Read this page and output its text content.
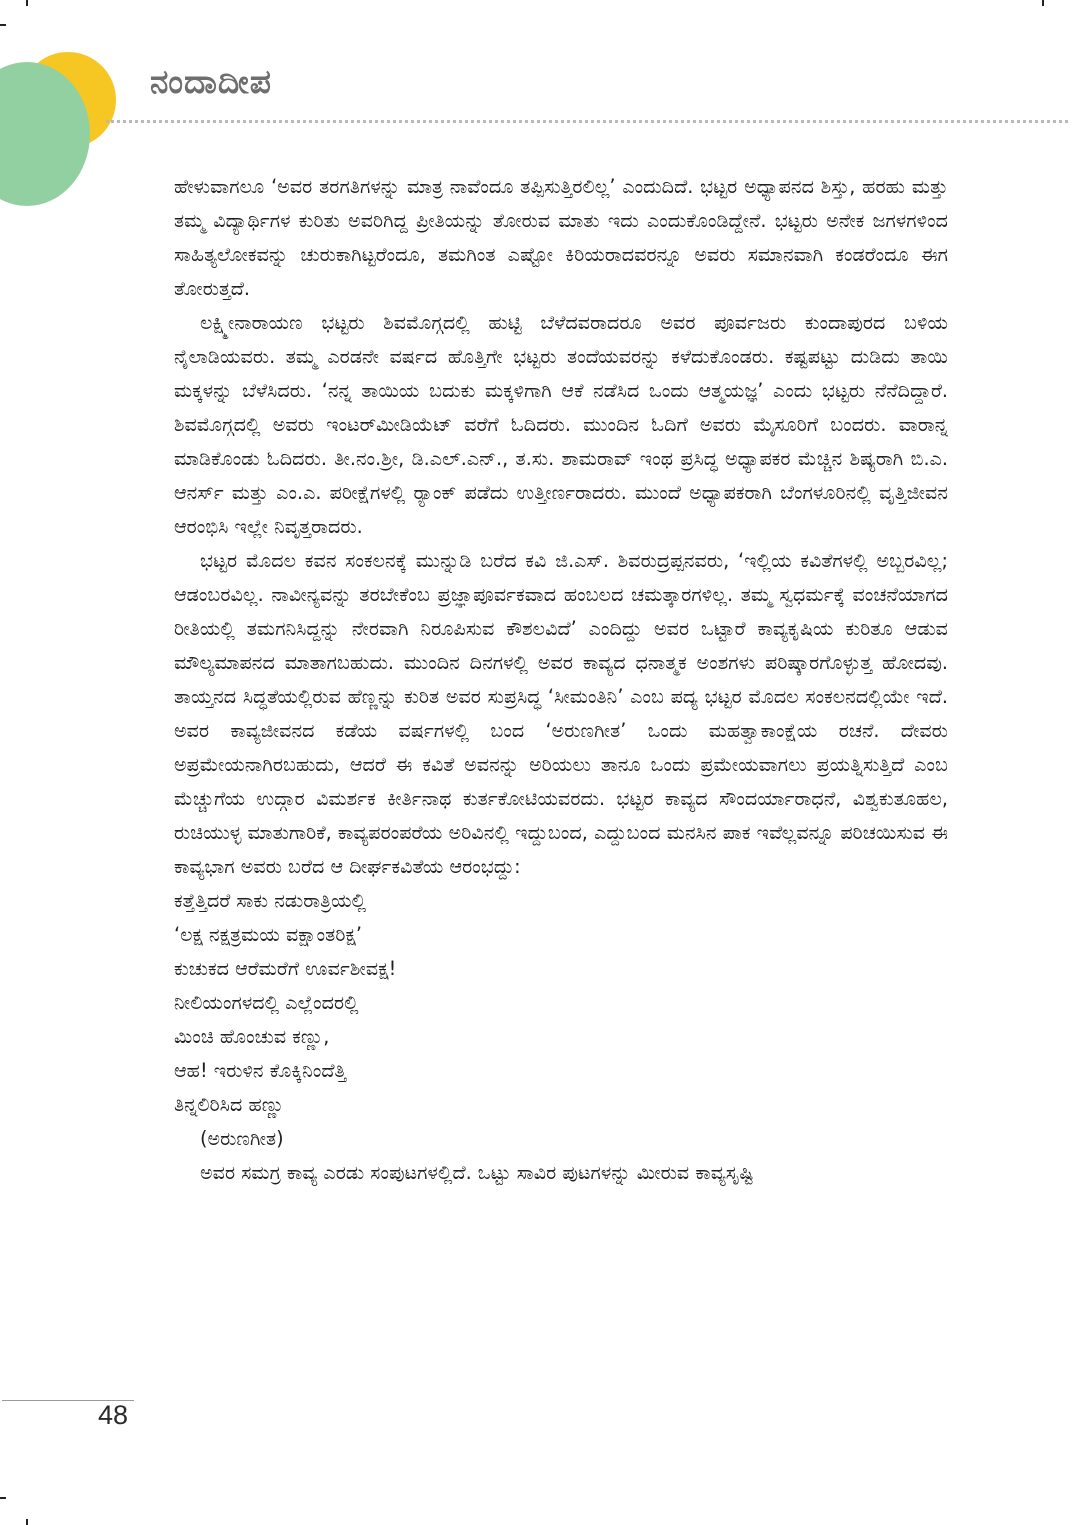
ನಂದಾದೀಪ

ಹೇಳುವಾಗಲೂ ‘ಅವರ ತರಗತಿಗಳನ್ನು ಮಾತ್ರ ನಾವೆಂದೂ ತಪ್ಪಿಸುತ್ತಿರಲಿಲ್ಲ’ ಎಂದುದಿದೆ. ಭಟ್ಟರ ಅಧ್ಯಾಪನದ ಶಿಸ್ತು, ಹರಹು ಮತ್ತು ತಮ್ಮ ವಿದ್ಯಾರ್ಥಿಗಳ ಕುರಿತು ಅವರಿಗಿದ್ದ ಪ್ರೀತಿಯನ್ನು ತೋರುವ ಮಾತು ಇದು ಎಂದುಕೊಂಡಿದ್ದೇನೆ. ಭಟ್ಟರು ಅನೇಕ ಜಗಳಗಳಿಂದ ಸಾಹಿತ್ಯಲೋಕವನ್ನು ಚುರುಕಾಗಿಟ್ಟರೆಂದೂ, ತಮಗಿಂತ ಎಷ್ಟೋ ಕಿರಿಯರಾದವರನ್ನೂ ಅವರು ಸಮಾನವಾಗಿ ಕಂಡರೆಂದೂ ಈಗ ತೋರುತ್ತದೆ.

ಲಕ್ಷ್ಮೀನಾರಾಯಣ ಭಟ್ಟರು ಶಿವಮೊಗ್ಗದಲ್ಲಿ ಹುಟ್ಟಿ ಬೆಳೆದವರಾದರೂ ಅವರ ಪೂರ್ವಜರು ಕುಂದಾಪುರದ ಬಳಿಯ ನೈಲಾಡಿಯವರು. ತಮ್ಮ ಎರಡನೇ ವರ್ಷದ ಹೊತ್ತಿಗೇ ಭಟ್ಟರು ತಂದೆಯವರನ್ನು ಕಳೆದುಕೊಂಡರು. ಕಷ್ಟಪಟ್ಟು ದುಡಿದು ತಾಯಿ ಮಕ್ಕಳನ್ನು ಬೆಳೆಸಿದರು. ‘ನನ್ನ ತಾಯಿಯ ಬದುಕು ಮಕ್ಕಳಿಗಾಗಿ ಆಕೆ ನಡೆಸಿದ ಒಂದು ಆತ್ಮಯಜ್ಞ’ ಎಂದು ಭಟ್ಟರು ನೆನೆದಿದ್ದಾರೆ. ಶಿವಮೊಗ್ಗದಲ್ಲಿ ಅವರು ಇಂಟರ್‌ಮೀಡಿಯೆಟ್ ವರೆಗೆ ಓದಿದರು. ಮುಂದಿನ ಓದಿಗೆ ಅವರು ಮೈಸೂರಿಗೆ ಬಂದರು. ವಾರಾನ್ನ ಮಾಡಿಕೊಂಡು ಓದಿದರು. ತೀ.ನಂ.ಶ್ರೀ, ಡಿ.ಎಲ್.ಎನ್., ತ.ಸು. ಶಾಮರಾವ್ ಇಂಥ ಪ್ರಸಿದ್ಧ ಅಧ್ಯಾಪಕರ ಮೆಚ್ಚಿನ ಶಿಷ್ಯರಾಗಿ ಬಿ.ಎ. ಆನರ್ಸ್ ಮತ್ತು ಎಂ.ಎ. ಪರೀಕ್ಷೆಗಳಲ್ಲಿ ರ್‍ಯಾಂಕ್ ಪಡೆದು ಉತ್ತೀರ್ಣರಾದರು. ಮುಂದೆ ಅಧ್ಯಾಪಕರಾಗಿ ಬೆಂಗಳೂರಿನಲ್ಲಿ ವೃತ್ತಿಜೀವನ ಆರಂಭಿಸಿ ಇಲ್ಲೇ ನಿವೃತ್ತರಾದರು.

ಭಟ್ಟರ ಮೊದಲ ಕವನ ಸಂಕಲನಕ್ಕೆ ಮುನ್ನುಡಿ ಬರೆದ ಕವಿ ಜಿ.ಎಸ್. ಶಿವರುದ್ರಪ್ಪನವರು, ‘ಇಲ್ಲಿಯ ಕವಿತೆಗಳಲ್ಲಿ ಅಬ್ಬರವಿಲ್ಲ; ಆಡಂಬರವಿಲ್ಲ. ನಾವೀನ್ಯವನ್ನು ತರಬೇಕೆಂಬ ಪ್ರಜ್ಞಾಪೂರ್ವಕವಾದ ಹಂಬಲದ ಚಮತ್ಕಾರಗಳಿಲ್ಲ. ತಮ್ಮ ಸ್ವಧರ್ಮಕ್ಕೆ ವಂಚನೆಯಾಗದ ರೀತಿಯಲ್ಲಿ ತಮಗನಿಸಿದ್ದನ್ನು ನೇರವಾಗಿ ನಿರೂಪಿಸುವ ಕೌಶಲವಿದೆ’ ಎಂದಿದ್ದು ಅವರ ಒಟ್ಟಾರೆ ಕಾವ್ಯಕೃಷಿಯ ಕುರಿತೂ ಆಡುವ ಮೌಲ್ಯಮಾಪನದ ಮಾತಾಗಬಹುದು. ಮುಂದಿನ ದಿನಗಳಲ್ಲಿ ಅವರ ಕಾವ್ಯದ ಧನಾತ್ಮಕ ಅಂಶಗಳು ಪರಿಷ್ಕಾರಗೊಳ್ಳುತ್ತ ಹೋದವು. ತಾಯ್ತನದ ಸಿದ್ಧತೆಯಲ್ಲಿರುವ ಹೆಣ್ಣನ್ನು ಕುರಿತ ಅವರ ಸುಪ್ರಸಿದ್ಧ ‘ಸೀಮಂತಿನಿ’ ಎಂಬ ಪದ್ಯ ಭಟ್ಟರ ಮೊದಲ ಸಂಕಲನದಲ್ಲಿಯೇ ಇದೆ. ಅವರ ಕಾವ್ಯಜೀವನದ ಕಡೆಯ ವರ್ಷಗಳಲ್ಲಿ ಬಂದ ‘ಅರುಣಗೀತ’ ಒಂದು ಮಹತ್ವಾಕಾಂಕ್ಷೆಯ ರಚನೆ. ದೇವರು ಅಪ್ರಮೇಯನಾಗಿರಬಹುದು, ಆದರೆ ಈ ಕವಿತೆ ಅವನನ್ನು ಅರಿಯಲು ತಾನೂ ಒಂದು ಪ್ರಮೇಯವಾಗಲು ಪ್ರಯತ್ನಿಸುತ್ತಿದೆ ಎಂಬ ಮೆಚ್ಚುಗೆಯ ಉದ್ಗಾರ ವಿಮರ್ಶಕ ಕೀರ್ತಿನಾಥ ಕುರ್ತಕೋಟಿಯವರದು. ಭಟ್ಟರ ಕಾವ್ಯದ ಸೌಂದರ್ಯಾರಾಧನೆ, ವಿಶ್ವಕುತೂಹಲ, ರುಚಿಯುಳ್ಳ ಮಾತುಗಾರಿಕೆ, ಕಾವ್ಯಪರಂಪರೆಯ ಅರಿವಿನಲ್ಲಿ ಇದ್ದುಬಂದ, ಎದ್ದುಬಂದ ಮನಸಿನ ಪಾಕ ಇವೆಲ್ಲವನ್ನೂ ಪರಿಚಯಿಸುವ ಈ ಕಾವ್ಯಭಾಗ ಅವರು ಬರೆದ ಆ ದೀರ್ಘಕವಿತೆಯ ಆರಂಭದ್ದು:

ಕತ್ತೆತ್ತಿದರೆ ಸಾಕು ನಡುರಾತ್ರಿಯಲ್ಲಿ
‘ಲಕ್ಷ ನಕ್ಷತ್ರಮಯ ವಕ್ಷಾಂತರಿಕ್ಷ’
ಕುಚುಕದ ಆರೆಮರೆಗೆ ಊರ್ವಶೀವಕ್ಷ!
ನೀಲಿಯಂಗಳದಲ್ಲಿ ಎಲ್ಲೆಂದರಲ್ಲಿ
ಮಿಂಚಿ ಹೊಂಚುವ ಕಣ್ಣು,
ಆಹ! ಇರುಳಿನ ಕೊಕ್ಕಿನಿಂದೆತ್ತಿ
ತಿನ್ನಲಿರಿಸಿದ ಹಣ್ಣು
(ಅರುಣಗೀತ)

ಅವರ ಸಮಗ್ರ ಕಾವ್ಯ ಎರಡು ಸಂಪುಟಗಳಲ್ಲಿದೆ. ಒಟ್ಟು ಸಾವಿರ ಪುಟಗಳನ್ನು ಮೀರುವ ಕಾವ್ಯಸೃಷ್ಟಿ

48
